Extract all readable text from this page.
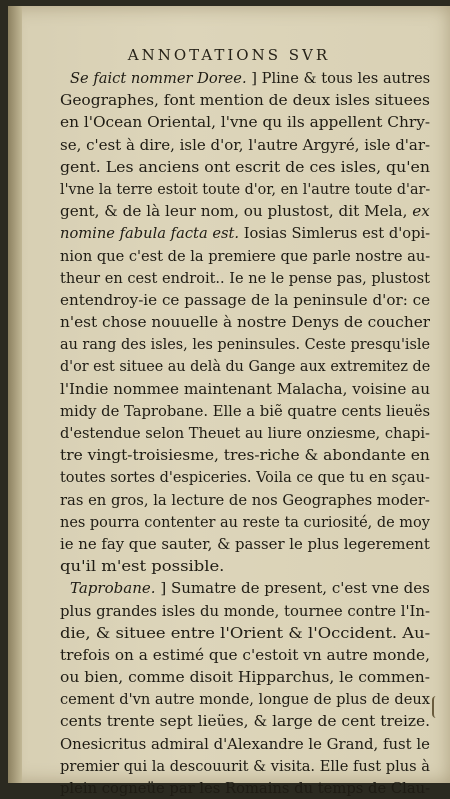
ANNOTATIONS SVR
Se faict nommer Doree. ] Pline & tous les autres
Geographes, font mention de deux isles situees
en l'Ocean Oriental, l'vne qu ils appellent Chry-
se, c'est à dire, isle d'or, l'autre Argyré, isle d'ar-
gent. Les anciens ont escrit de ces isles, qu'en
l'vne la terre estoit toute d'or, en l'autre toute d'ar-
gent, & de là leur nom, ou plustost, dit Mela, ex
nomine fabula facta est. Iosias Simlerus est d'opi-
nion que c'est de la premiere que parle nostre au-
theur en cest endroit.. Ie ne le pense pas, plustost
entendroy-ie ce passage de la peninsule d'or: ce
n'est chose nouuelle à nostre Denys de coucher
au rang des isles, les peninsules. Ceste presqu'isle
d'or est situee au delà du Gange aux extremitez de
l'Indie nommee maintenant Malacha, voisine au
midy de Taprobane. Elle a biẽ quatre cents lieuës
d'estendue selon Theuet au liure onziesme, chapi-
tre vingt-troisiesme, tres-riche & abondante en
toutes sortes d'espiceries. Voila ce que tu en sçau-
ras en gros, la lecture de nos Geographes moder-
nes pourra contenter au reste ta curiosité, de moy
ie ne fay que sauter, & passer le plus legerement
qu'il m'est possible.
Taprobane. ] Sumatre de present, c'est vne des
plus grandes isles du monde, tournee contre l'In-
die, & situee entre l'Orient & l'Occident. Au-
trefois on a estimé que c'estoit vn autre monde,
ou bien, comme disoit Hipparchus, le commen-
cement d'vn autre monde, longue de plus de deux
cents trente sept lieües, & large de cent treize.
Onesicritus admiral d'Alexandre le Grand, fust le
premier qui la descouurit & visita. Elle fust plus à
plein cogneüe par les Romains du temps de Clau-
